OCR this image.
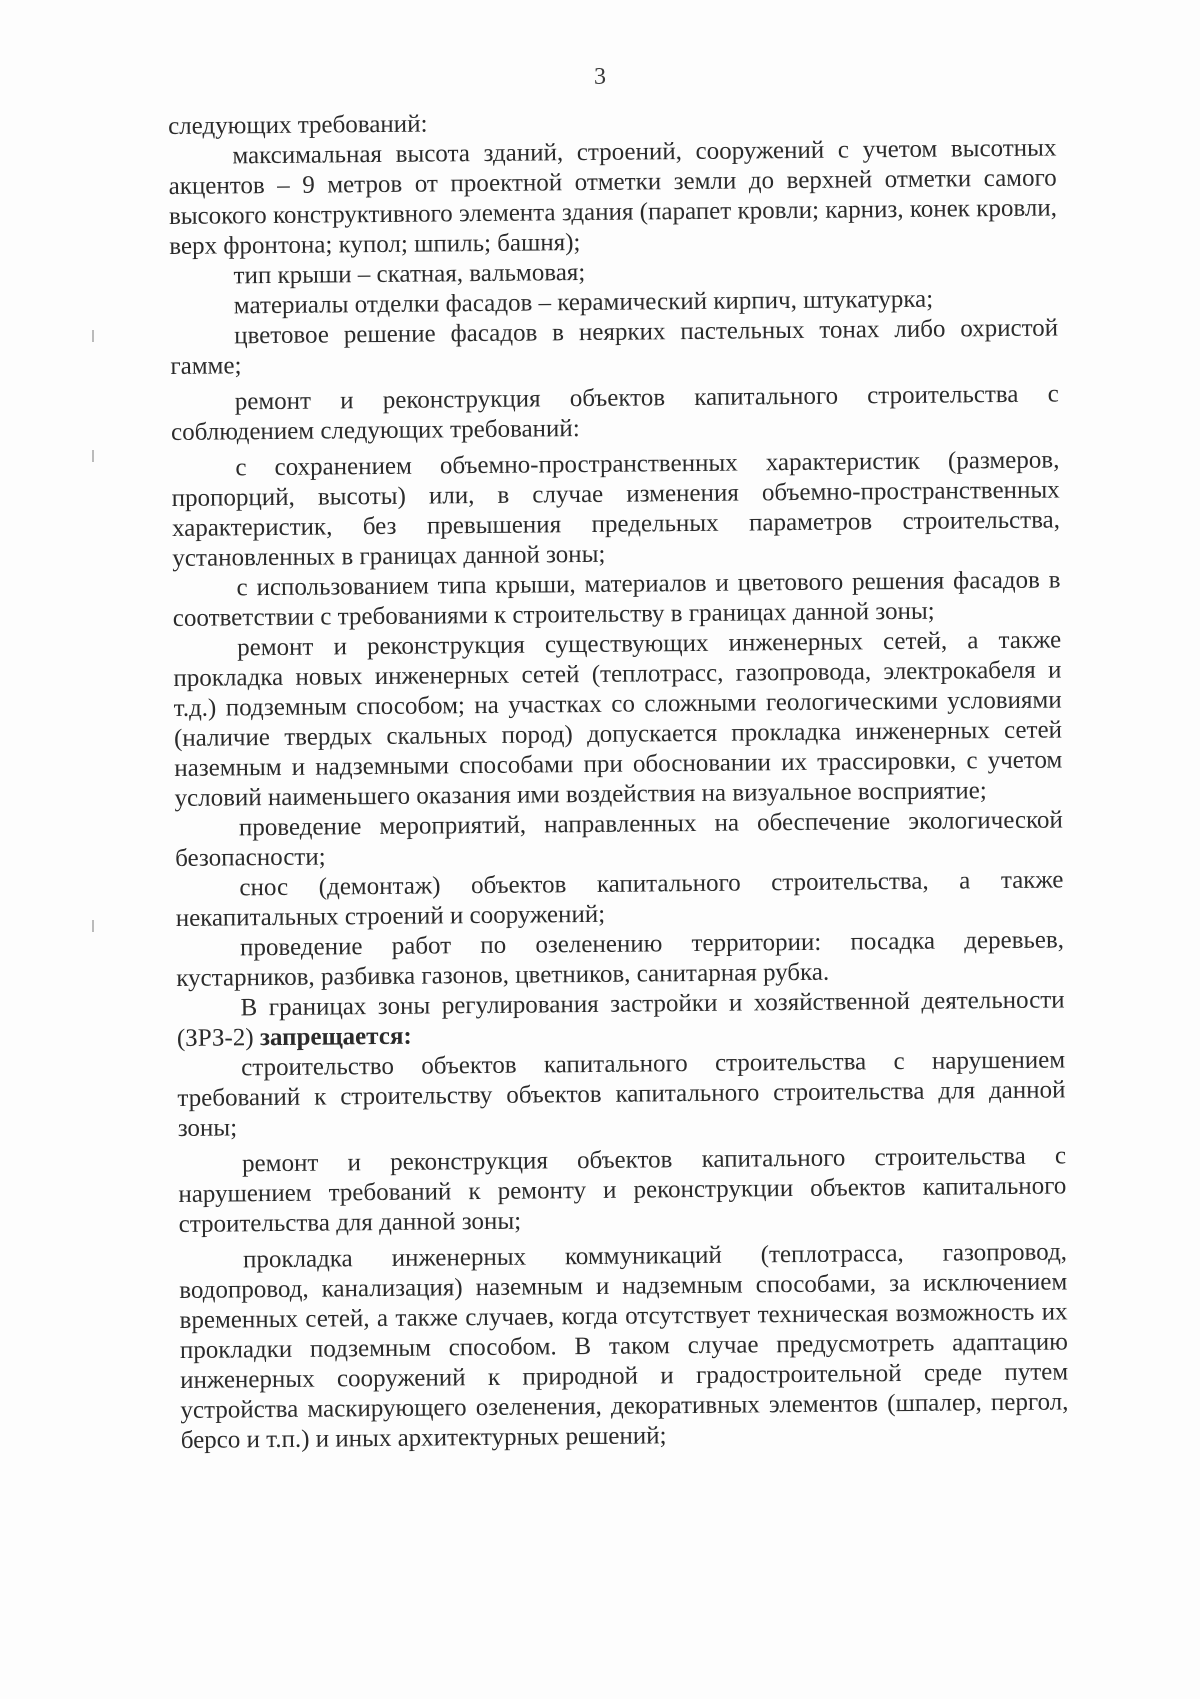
3

следующих требований:

максимальная высота зданий, строений, сооружений с учетом высотных акцентов – 9 метров от проектной отметки земли до верхней отметки самого высокого конструктивного элемента здания (парапет кровли; карниз, конек кровли, верх фронтона; купол; шпиль; башня);

тип крыши – скатная, вальмовая;

материалы отделки фасадов – керамический кирпич, штукатурка;

цветовое решение фасадов в неярких пастельных тонах либо охристой гамме;

ремонт и реконструкция объектов капитального строительства с соблюдением следующих требований:

с сохранением объемно-пространственных характеристик (размеров, пропорций, высоты) или, в случае изменения объемно-пространственных характеристик, без превышения предельных параметров строительства, установленных в границах данной зоны;

с использованием типа крыши, материалов и цветового решения фасадов в соответствии с требованиями к строительству в границах данной зоны;

ремонт и реконструкция существующих инженерных сетей, а также прокладка новых инженерных сетей (теплотрасс, газопровода, электрокабеля и т.д.) подземным способом; на участках со сложными геологическими условиями (наличие твердых скальных пород) допускается прокладка инженерных сетей наземным и надземными способами при обосновании их трассировки, с учетом условий наименьшего оказания ими воздействия на визуальное восприятие;

проведение мероприятий, направленных на обеспечение экологической безопасности;

снос (демонтаж) объектов капитального строительства, а также некапитальных строений и сооружений;

проведение работ по озеленению территории: посадка деревьев, кустарников, разбивка газонов, цветников, санитарная рубка.

В границах зоны регулирования застройки и хозяйственной деятельности (ЗРЗ-2) запрещается:

строительство объектов капитального строительства с нарушением требований к строительству объектов капитального строительства для данной зоны;

ремонт и реконструкция объектов капитального строительства с нарушением требований к ремонту и реконструкции объектов капитального строительства для данной зоны;

прокладка инженерных коммуникаций (теплотрасса, газопровод, водопровод, канализация) наземным и надземным способами, за исключением временных сетей, а также случаев, когда отсутствует техническая возможность их прокладки подземным способом. В таком случае предусмотреть адаптацию инженерных сооружений к природной и градостроительной среде путем устройства маскирующего озеленения, декоративных элементов (шпалер, пергол, берсо и т.п.) и иных архитектурных решений;
